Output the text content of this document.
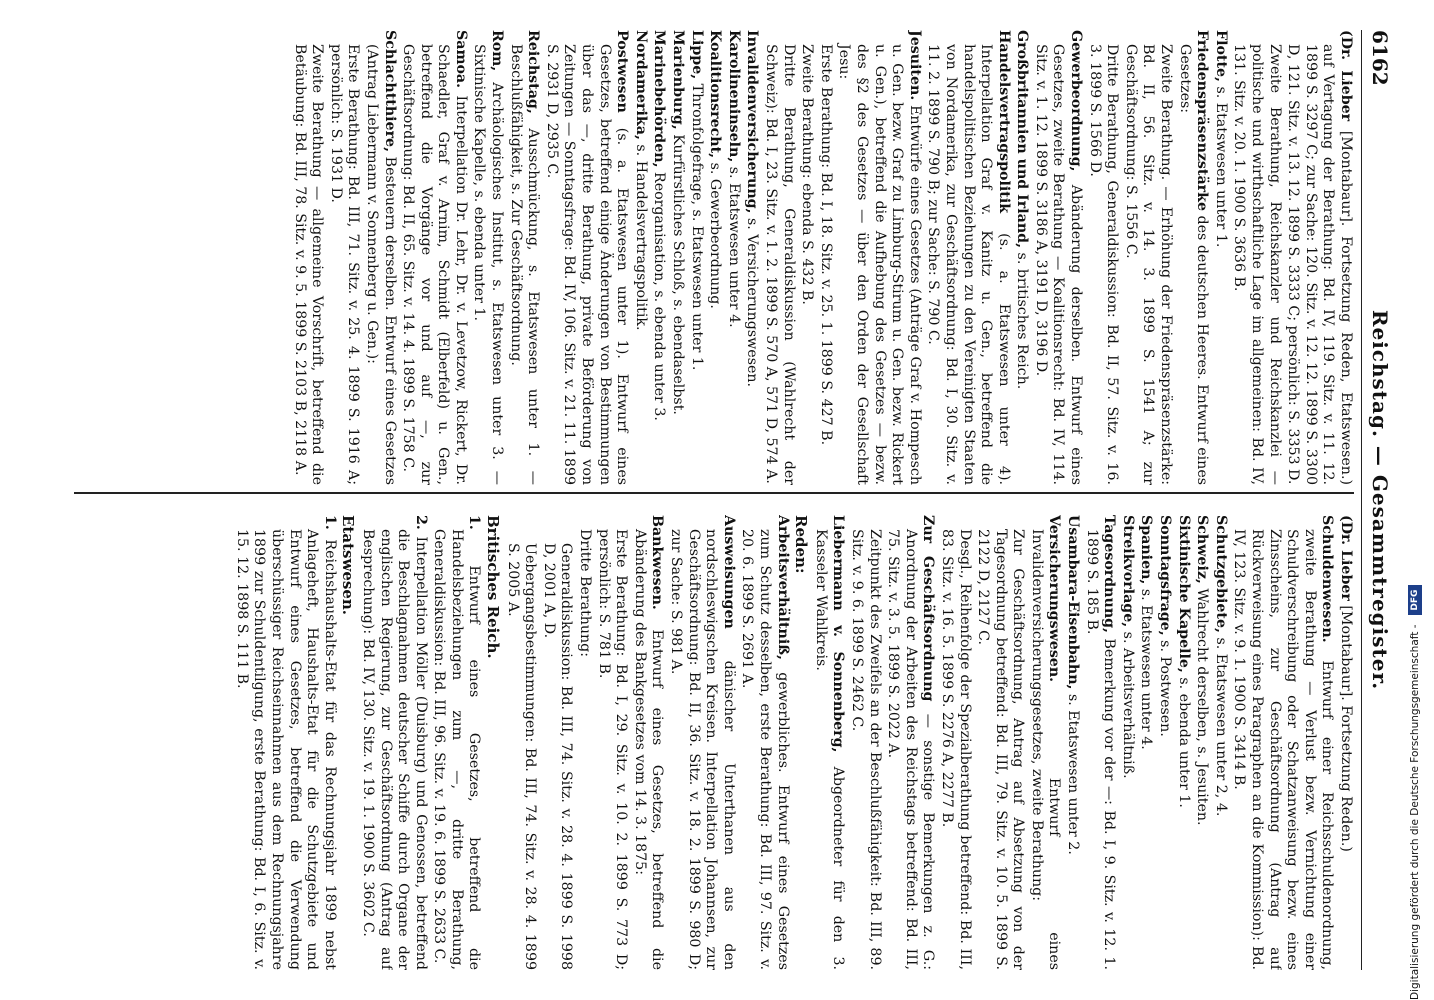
6162
Reichstag. — Gesammtregister.

(Dr. Lieber [Montabaur]. Fortsetzung Reden, Etatswesen.) auf Vertagung der Berathung: Bd. IV, 119. Sitz. v. 11. 12. 1899 S. 3297 C; zur Sache: 120. Sitz. v. 12. 12. 1899 S. 3300 D, 121. Sitz. v. 13. 12. 1899 S. 3333 C; persönlich: S. 3353 D.

Zweite Berathung, Reichskanzler und Reichskanzlei — politische und wirthschaftliche Lage im allgemeinen: Bd. IV, 131. Sitz. v. 20. 1. 1900 S. 3636 B.

Flotte, s. Etatswesen unter 1.

Friedenspräsenzstärke des deutschen Heeres. Entwurf eines Gesetzes:

Zweite Berathung. — Erhöhung der Friedenspräsenzstärke: Bd. II, 56. Sitz. v. 14. 3. 1899 S. 1541 A; zur Geschäftsordnung: S. 1556 C.

Dritte Berathung, Generaldiskussion: Bd. II, 57. Sitz. v. 16. 3. 1899 S. 1566 D.

Gewerbeordnung, Abänderung derselben. Entwurf eines Gesetzes, zweite Berathung — Koalitionsrecht: Bd. IV, 114. Sitz. v. 1. 12. 1899 S. 3186 A, 3191 D, 3196 D.

Großbritannien und Irland, s. britisches Reich.

Handelsvertragspolitik (s. a. Etatswesen unter 4). Interpellation Graf v. Kanitz u. Gen., betreffend die handelspolitischen Beziehungen zu den Vereinigten Staaten von Nordamerika, zur Geschäftsordnung: Bd. I, 30. Sitz. v. 11. 2. 1899 S. 790 B; zur Sache: S. 790 C.

Jesuiten. Entwürfe eines Gesetzes (Anträge Graf v. Hompesch u. Gen. bezw. Graf zu Limburg-Stirum u. Gen. bezw. Rickert u. Gen.), betreffend die Aufhebung des Gesetzes — bezw. des §2 des Gesetzes — über den Orden der Gesellschaft Jesu:

Erste Berathung: Bd. I, 18. Sitz. v. 25. 1. 1899 S. 427 B.

Zweite Berathung: ebenda S. 432 B.

Dritte Berathung, Generaldiskussion (Wahlrecht der Schweiz): Bd. I, 23. Sitz. v. 1. 2. 1899 S. 570 A, 571 D, 574 A.

Invalidenversicherung, s. Versicherungswesen.

Karolineninseln, s. Etatswesen unter 4.

Koalitionsrecht, s. Gewerbeordnung.

Lippe, Thronfolgefrage, s. Etatswesen unter 1.

Marienburg, Kurfürstliches Schloß, s. ebendaselbst.

Marinebehörden, Reorganisation, s. ebenda unter 3.

Nordamerika, s. Handelsvertragspolitik.

Postwesen (s. a. Etatswesen unter 1). Entwurf eines Gesetzes, betreffend einige Änderungen von Bestimmungen über das —, dritte Berathung, private Beförderung von Zeitungen — Sonntagsfrage: Bd. IV, 106. Sitz. v. 21. 11. 1899 S. 2931 D, 2935 C.

Reichstag, Ausschmückung, s. Etatswesen unter 1. — Beschlußfähigkeit, s. Zur Geschäftsordnung.

Rom, Archäologisches Institut, s. Etatswesen unter 3. — Sixtinische Kapelle, s. ebenda unter 1.

Samoa. Interpellation Dr. Lehr, Dr. v. Levetzow, Rickert, Dr. Schaedler, Graf v. Arnim, Schmidt (Elberfeld) u. Gen., betreffend die Vorgänge vor und auf —, zur Geschäftsordnung: Bd. II, 65. Sitz. v. 14. 4. 1899 S. 1758 C.

Schlachtthiere, Besteuern derselben. Entwurf eines Gesetzes (Antrag Liebermann v. Sonnenberg u. Gen.):

Erste Berathung: Bd. III, 71. Sitz. v. 25. 4. 1899 S. 1916 A; persönlich: S. 1931 D.

Zweite Berathung — allgemeine Vorschrift, betreffend die Betäubung: Bd. III, 78. Sitz. v. 9. 5. 1899 S. 2103 B, 2118 A.

(Dr. Lieber [Montabaur]. Fortsetzung Reden.)

Schuldenwesen. Entwurf einer Reichsschuldenordnung, zweite Berathung — Verlust bezw. Vernichtung einer Schuldverschreibung oder Schatzanweisung bezw. eines Zinsscheins, zur Geschäftsordnung (Antrag auf Rückverweisung eines Paragraphen an die Kommission): Bd. IV, 123. Sitz. v. 9. 1. 1900 S. 3414 B.

Schutzgebiete, s. Etatswesen unter 2, 4.

Schweiz, Wahlrecht derselben, s. Jesuiten.

Sixtinische Kapelle, s. ebenda unter 1.

Sonntagsfrage, s. Postwesen.

Spanien, s. Etatswesen unter 4.

Streikvorlage, s. Arbeitsverhältniß.

Tagesordnung, Bemerkung vor der —: Bd. I, 9. Sitz. v. 12. 1. 1899 S. 185 B.

Usambara-Eisenbahn, s. Etatswesen unter 2.

Versicherungswesen. Entwurf eines Invalidenversicherungsgesetzes, zweite Berathung:

Zur Geschäftsordnung, Antrag auf Absetzung von der Tagesordnung betreffend: Bd. III, 79. Sitz. v. 10. 5. 1899 S. 2122 D, 2127 C.

Desgl., Reihenfolge der Spezialberathung betreffend: Bd. III, 83. Sitz. v. 16. 5. 1899 S. 2276 A, 2277 B.

Zur Geschäftsordnung — sonstige Bemerkungen z. G.: Anordnung der Arbeiten des Reichstags betreffend: Bd. III, 75. Sitz. v. 3. 5. 1899 S. 2022 A.

Zeitpunkt des Zweifels an der Beschlußfähigkeit: Bd. III, 89. Sitz. v. 9. 6. 1899 S. 2462 C.

Liebermann v. Sonnenberg, Abgeordneter für den 3. Kasseler Wahlkreis.

Reden:

Arbeitsverhältniß, gewerbliches. Entwurf eines Gesetzes zum Schutz desselben, erste Berathung: Bd. III, 97. Sitz. v. 20. 6. 1899 S. 2691 A.

Ausweisungen dänischer Unterthanen aus den nordschleswigschen Kreisen. Interpellation Johannsen, zur Geschäftsordnung: Bd. II, 36. Sitz. v. 18. 2. 1899 S. 980 D; zur Sache: S. 981 A.

Bankwesen. Entwurf eines Gesetzes, betreffend die Abänderung des Bankgesetzes vom 14. 3. 1875:

Erste Berathung: Bd. I, 29. Sitz. v. 10. 2. 1899 S. 773 D; persönlich: S. 781 B.

Dritte Berathung:

Generaldiskussion: Bd. III, 74. Sitz. v. 28. 4. 1899 S. 1998 D, 2001 A, D.

Uebergangsbestimmungen: Bd. III, 74. Sitz. v. 28. 4. 1899 S. 2005 A.

Britisches Reich.

1. Entwurf eines Gesetzes, betreffend die Handelsbeziehungen zum —, dritte Berathung, Generaldiskussion: Bd. III, 96. Sitz. v. 19. 6. 1899 S. 2633 C.

2. Interpellation Möller (Duisburg) und Genossen, betreffend die Beschlagnahmen deutscher Schiffe durch Organe der englischen Regierung, zur Geschäftsordnung (Antrag auf Besprechung): Bd. IV, 130. Sitz. v. 19. 1. 1900 S. 3602 C.

Etatswesen.

1. Reichshaushalts-Etat für das Rechnungsjahr 1899 nebst Anlageheft, Haushalts-Etat für die Schutzgebiete und Entwurf eines Gesetzes, betreffend die Verwendung überschüssiger Reichseinnahmen aus dem Rechnungsjahre 1899 zur Schuldentilgung, erste Berathung: Bd. I, 6. Sitz. v. 15. 12. 1898 S. 111 B.

Digitalisierung gefördert durch die Deutsche Forschungsgemeinschaft - DFG
